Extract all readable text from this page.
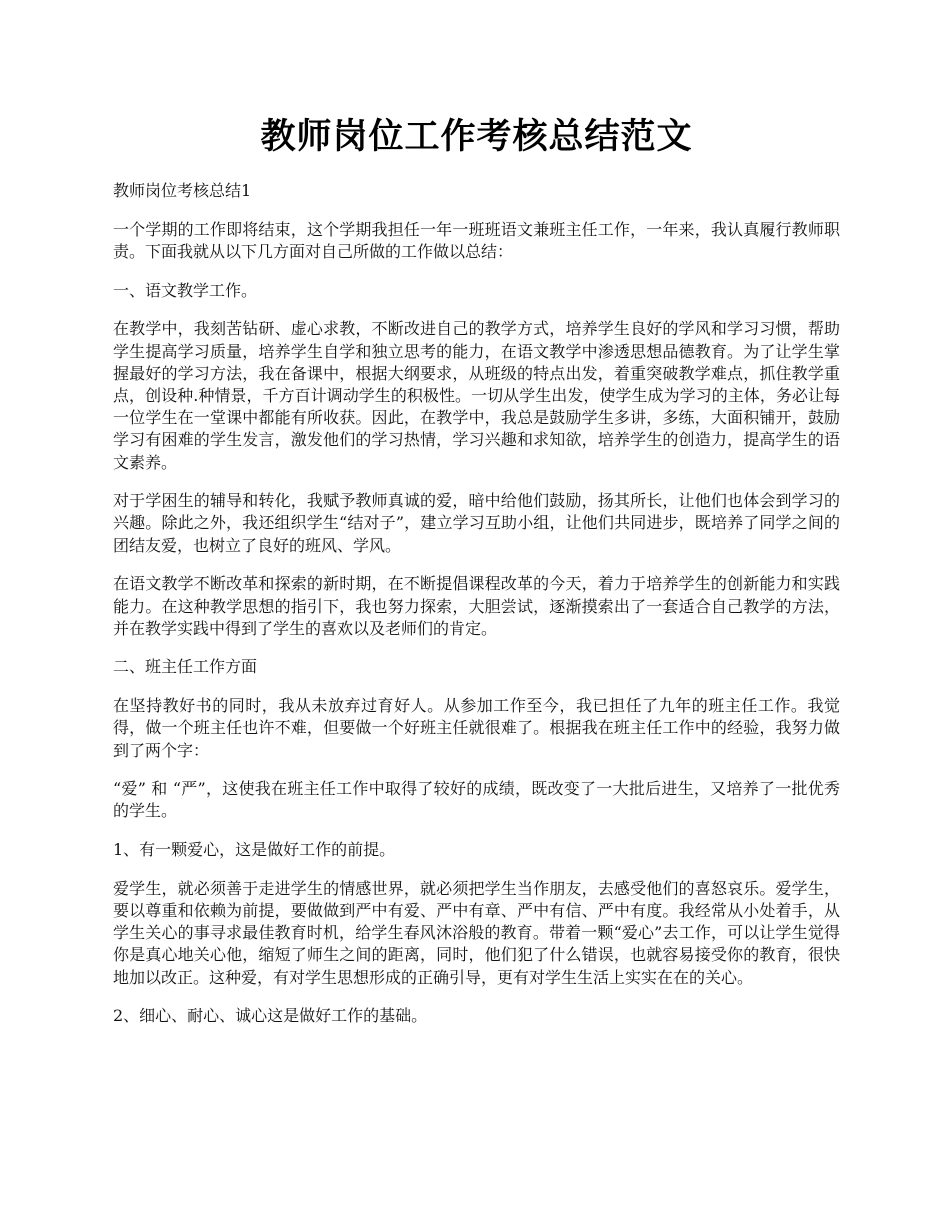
教师岗位工作考核总结范文

教师岗位考核总结1

一个学期的工作即将结束，这个学期我担任一年一班班语文兼班主任工作，一年来，我认真履行教师职责。下面我就从以下几方面对自己所做的工作做以总结：

一、语文教学工作。

在教学中，我刻苦钻研、虚心求教，不断改进自己的教学方式，培养学生良好的学风和学习习惯，帮助学生提高学习质量，培养学生自学和独立思考的能力，在语文教学中渗透思想品德教育。为了让学生掌握最好的学习方法，我在备课中，根据大纲要求，从班级的特点出发，着重突破教学难点，抓住教学重点，创设种.种情景，千方百计调动学生的积极性。一切从学生出发，使学生成为学习的主体，务必让每一位学生在一堂课中都能有所收获。因此，在教学中，我总是鼓励学生多讲，多练，大面积铺开，鼓励学习有困难的学生发言，激发他们的学习热情，学习兴趣和求知欲，培养学生的创造力，提高学生的语文素养。

对于学困生的辅导和转化，我赋予教师真诚的爱，暗中给他们鼓励，扬其所长，让他们也体会到学习的兴趣。除此之外，我还组织学生“结对子”，建立学习互助小组，让他们共同进步，既培养了同学之间的团结友爱，也树立了良好的班风、学风。

在语文教学不断改革和探索的新时期，在不断提倡课程改革的今天，着力于培养学生的创新能力和实践能力。在这种教学思想的指引下，我也努力探索，大胆尝试，逐渐摸索出了一套适合自己教学的方法，并在教学实践中得到了学生的喜欢以及老师们的肯定。

二、班主任工作方面

在坚持教好书的同时，我从未放弃过育好人。从参加工作至今，我已担任了九年的班主任工作。我觉得，做一个班主任也许不难，但要做一个好班主任就很难了。根据我在班主任工作中的经验，我努力做到了两个字：

“爱” 和 “严”，这使我在班主任工作中取得了较好的成绩，既改变了一大批后进生，又培养了一批优秀的学生。

1、有一颗爱心，这是做好工作的前提。

爱学生，就必须善于走进学生的情感世界，就必须把学生当作朋友，去感受他们的喜怒哀乐。爱学生，要以尊重和依赖为前提，要做做到严中有爱、严中有章、严中有信、严中有度。我经常从小处着手，从学生关心的事寻求最佳教育时机，给学生春风沐浴般的教育。带着一颗“爱心”去工作，可以让学生觉得你是真心地关心他，缩短了师生之间的距离，同时，他们犯了什么错误，也就容易接受你的教育，很快地加以改正。这种爱，有对学生思想形成的正确引导，更有对学生生活上实实在在的关心。

2、细心、耐心、诚心这是做好工作的基础。
